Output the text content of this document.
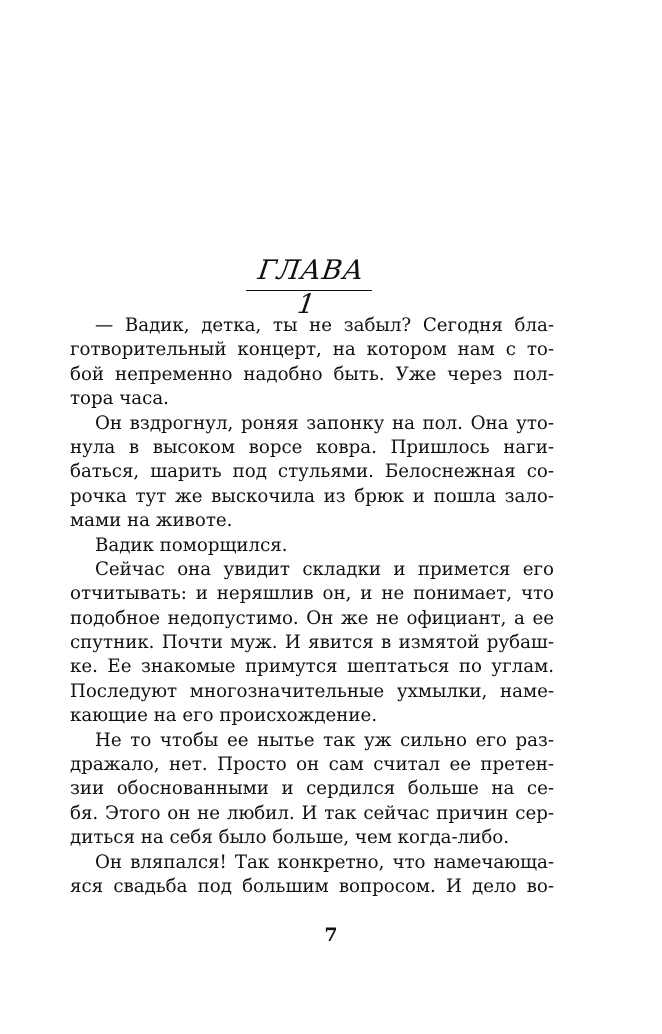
ГЛАВА 1
— Вадик, детка, ты не забыл? Сегодня бла-
готворительный концерт, на котором нам с то-
бой непременно надобно быть. Уже через пол-
тора часа.
Он вздрогнул, роняя запонку на пол. Она уто-
нула в высоком ворсе ковра. Пришлось наги-
баться, шарить под стульями. Белоснежная со-
рочка тут же выскочила из брюк и пошла зало-
мами на животе.
Вадик поморщился.
Сейчас она увидит складки и примется его
отчитывать: и неряшлив он, и не понимает, что
подобное недопустимо. Он же не официант, а ее
спутник. Почти муж. И явится в измятой рубаш-
ке. Ее знакомые примутся шептаться по углам.
Последуют многозначительные ухмылки, наме-
кающие на его происхождение.
Не то чтобы ее нытье так уж сильно его раз-
дражало, нет. Просто он сам считал ее претен-
зии обоснованными и сердился больше на се-
бя. Этого он не любил. И так сейчас причин сер-
диться на себя было больше, чем когда-либо.
Он вляпался! Так конкретно, что намечающа-
яся свадьба под большим вопросом. И дело во-
7
